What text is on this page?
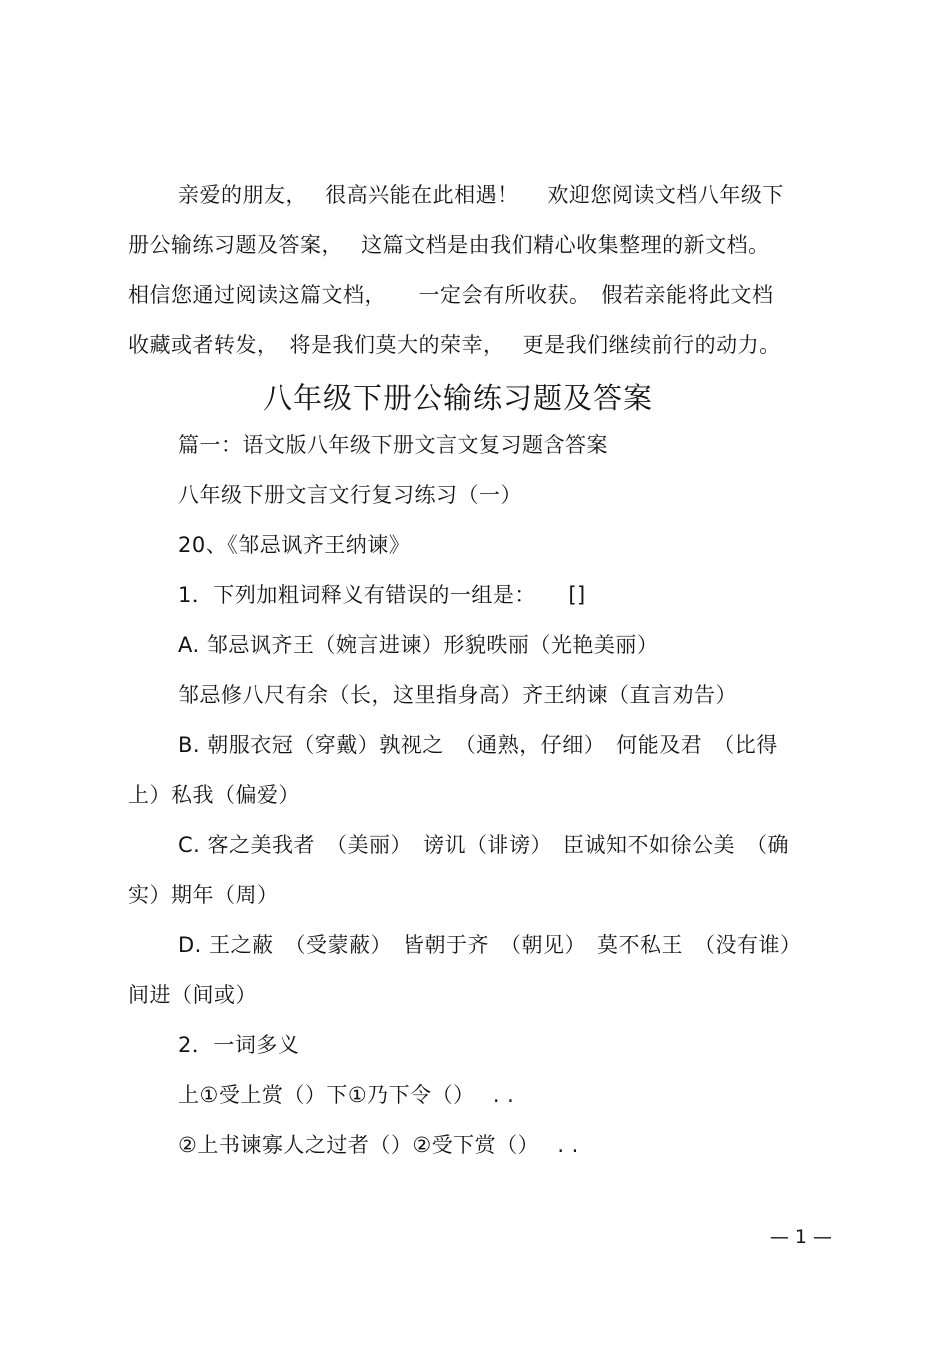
亲爱的朋友，　 很高兴能在此相遇！　 欢迎您阅读文档八年级下
册公输练习题及答案，　 这篇文档是由我们精心收集整理的新文档。
相信您通过阅读这篇文档，　　一定会有所收获。　假若亲能将此文档
收藏或者转发，　将是我们莫大的荣幸，　 更是我们继续前行的动力。
八年级下册公输练习题及答案
篇一：语文版八年级下册文言文复习题含答案
八年级下册文言文行复习练习（一）
20、《邹忌讽齐王纳谏》
1．下列加粗词释义有错误的一组是：　　[]
A. 邹忌讽齐王（婉言进谏）形貌昳丽（光艳美丽）
邹忌修八尺有余（长，这里指身高）齐王纳谏（直言劝告）
B. 朝服衣冠（穿戴）孰视之　（通熟，仔细）　何能及君　（比得
上）私我（偏爱）
C. 客之美我者　（美丽）　谤讥（诽谤）　臣诚知不如徐公美　（确
实）期年（周）
D. 王之蔽　（受蒙蔽）　皆朝于齐　（朝见）　莫不私王　（没有谁）
间进（间或）
2．一词多义
上①受上赏（）下①乃下令（）　 . .
②上书谏寡人之过者（）②受下赏（）　 . .
— 1 —
